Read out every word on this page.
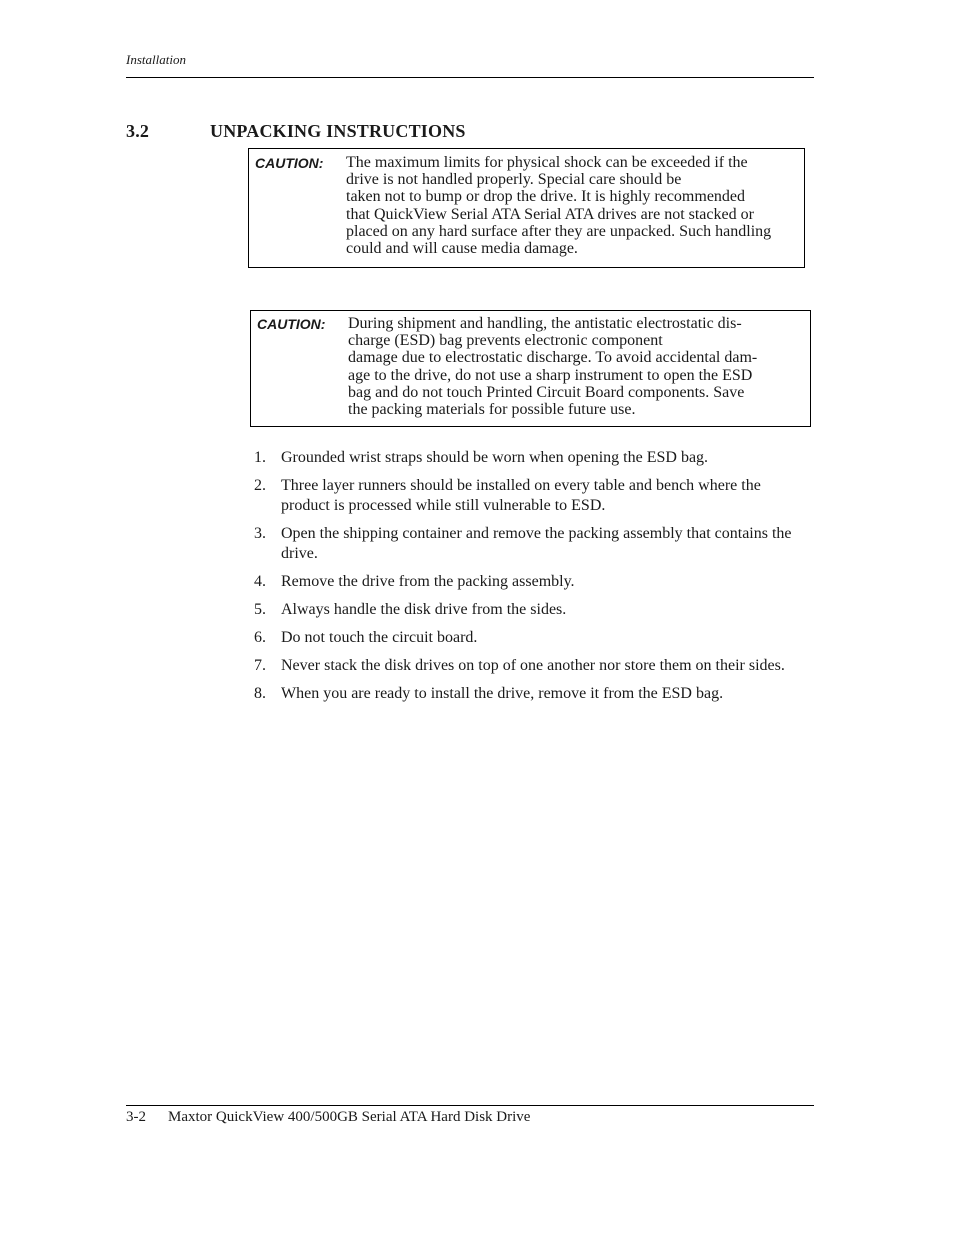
Installation
3.2	UNPACKING INSTRUCTIONS
CAUTION: The maximum limits for physical shock can be exceeded if the
drive is not handled properly. Special care should be
taken not to bump or drop the drive. It is highly recommended
that QuickView Serial ATA Serial ATA drives are not stacked or
placed on any hard surface after they are unpacked. Such handling
could and will cause media damage.
CAUTION: During shipment and handling, the antistatic electrostatic dis-
charge (ESD) bag prevents electronic component
damage due to electrostatic discharge. To avoid accidental dam-
age to the drive, do not use a sharp instrument to open the ESD
bag and do not touch Printed Circuit Board components. Save
the packing materials for possible future use.
1. Grounded wrist straps should be worn when opening the ESD bag.
2. Three layer runners should be installed on every table and bench where the product is processed while still vulnerable to ESD.
3. Open the shipping container and remove the packing assembly that contains the drive.
4. Remove the drive from the packing assembly.
5. Always handle the disk drive from the sides.
6. Do not touch the circuit board.
7. Never stack the disk drives on top of one another nor store them on their sides.
8. When you are ready to install the drive, remove it from the ESD bag.
3-2 Maxtor QuickView 400/500GB Serial ATA Hard Disk Drive
